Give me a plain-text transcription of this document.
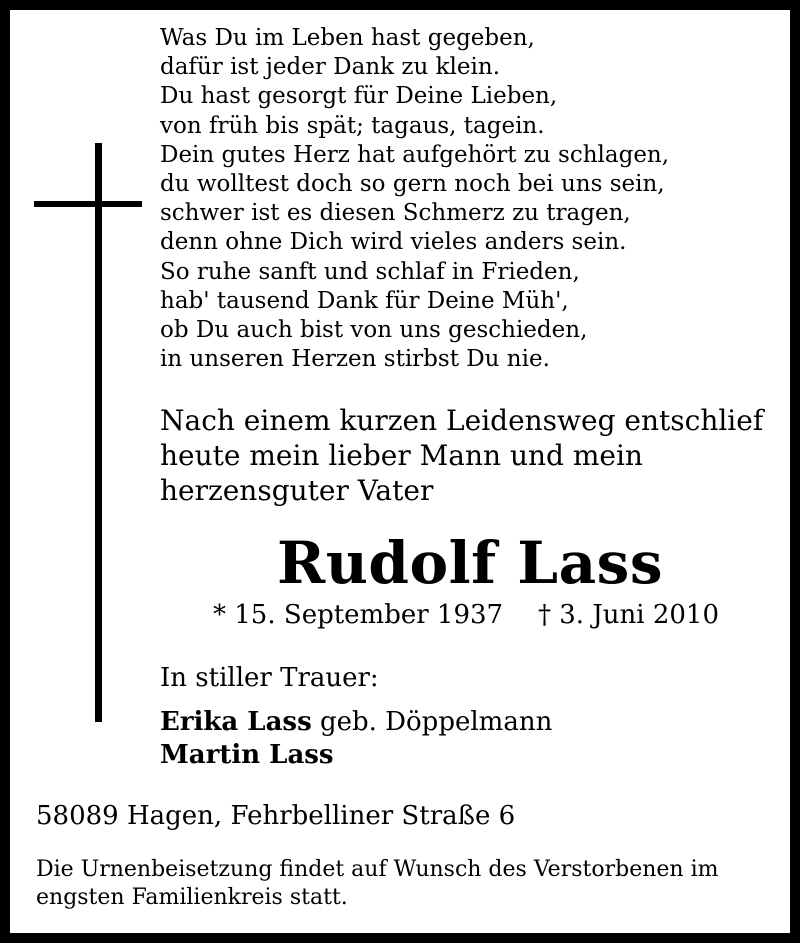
Was Du im Leben hast gegeben,
dafür ist jeder Dank zu klein.
Du hast gesorgt für Deine Lieben,
von früh bis spät; tagaus, tagein.
Dein gutes Herz hat aufgehört zu schlagen,
du wolltest doch so gern noch bei uns sein,
schwer ist es diesen Schmerz zu tragen,
denn ohne Dich wird vieles anders sein.
So ruhe sanft und schlaf in Frieden,
hab' tausend Dank für Deine Müh',
ob Du auch bist von uns geschieden,
in unseren Herzen stirbst Du nie.
Nach einem kurzen Leidensweg entschlief
heute mein lieber Mann und mein
herzensguter Vater
Rudolf Lass
* 15. September 1937 † 3. Juni 2010
In stiller Trauer:
Erika Lass geb. Döppelmann
Martin Lass
58089 Hagen, Fehrbelliner Straße 6
Die Urnenbeisetzung findet auf Wunsch des Verstorbenen im
engsten Familienkreis statt.
